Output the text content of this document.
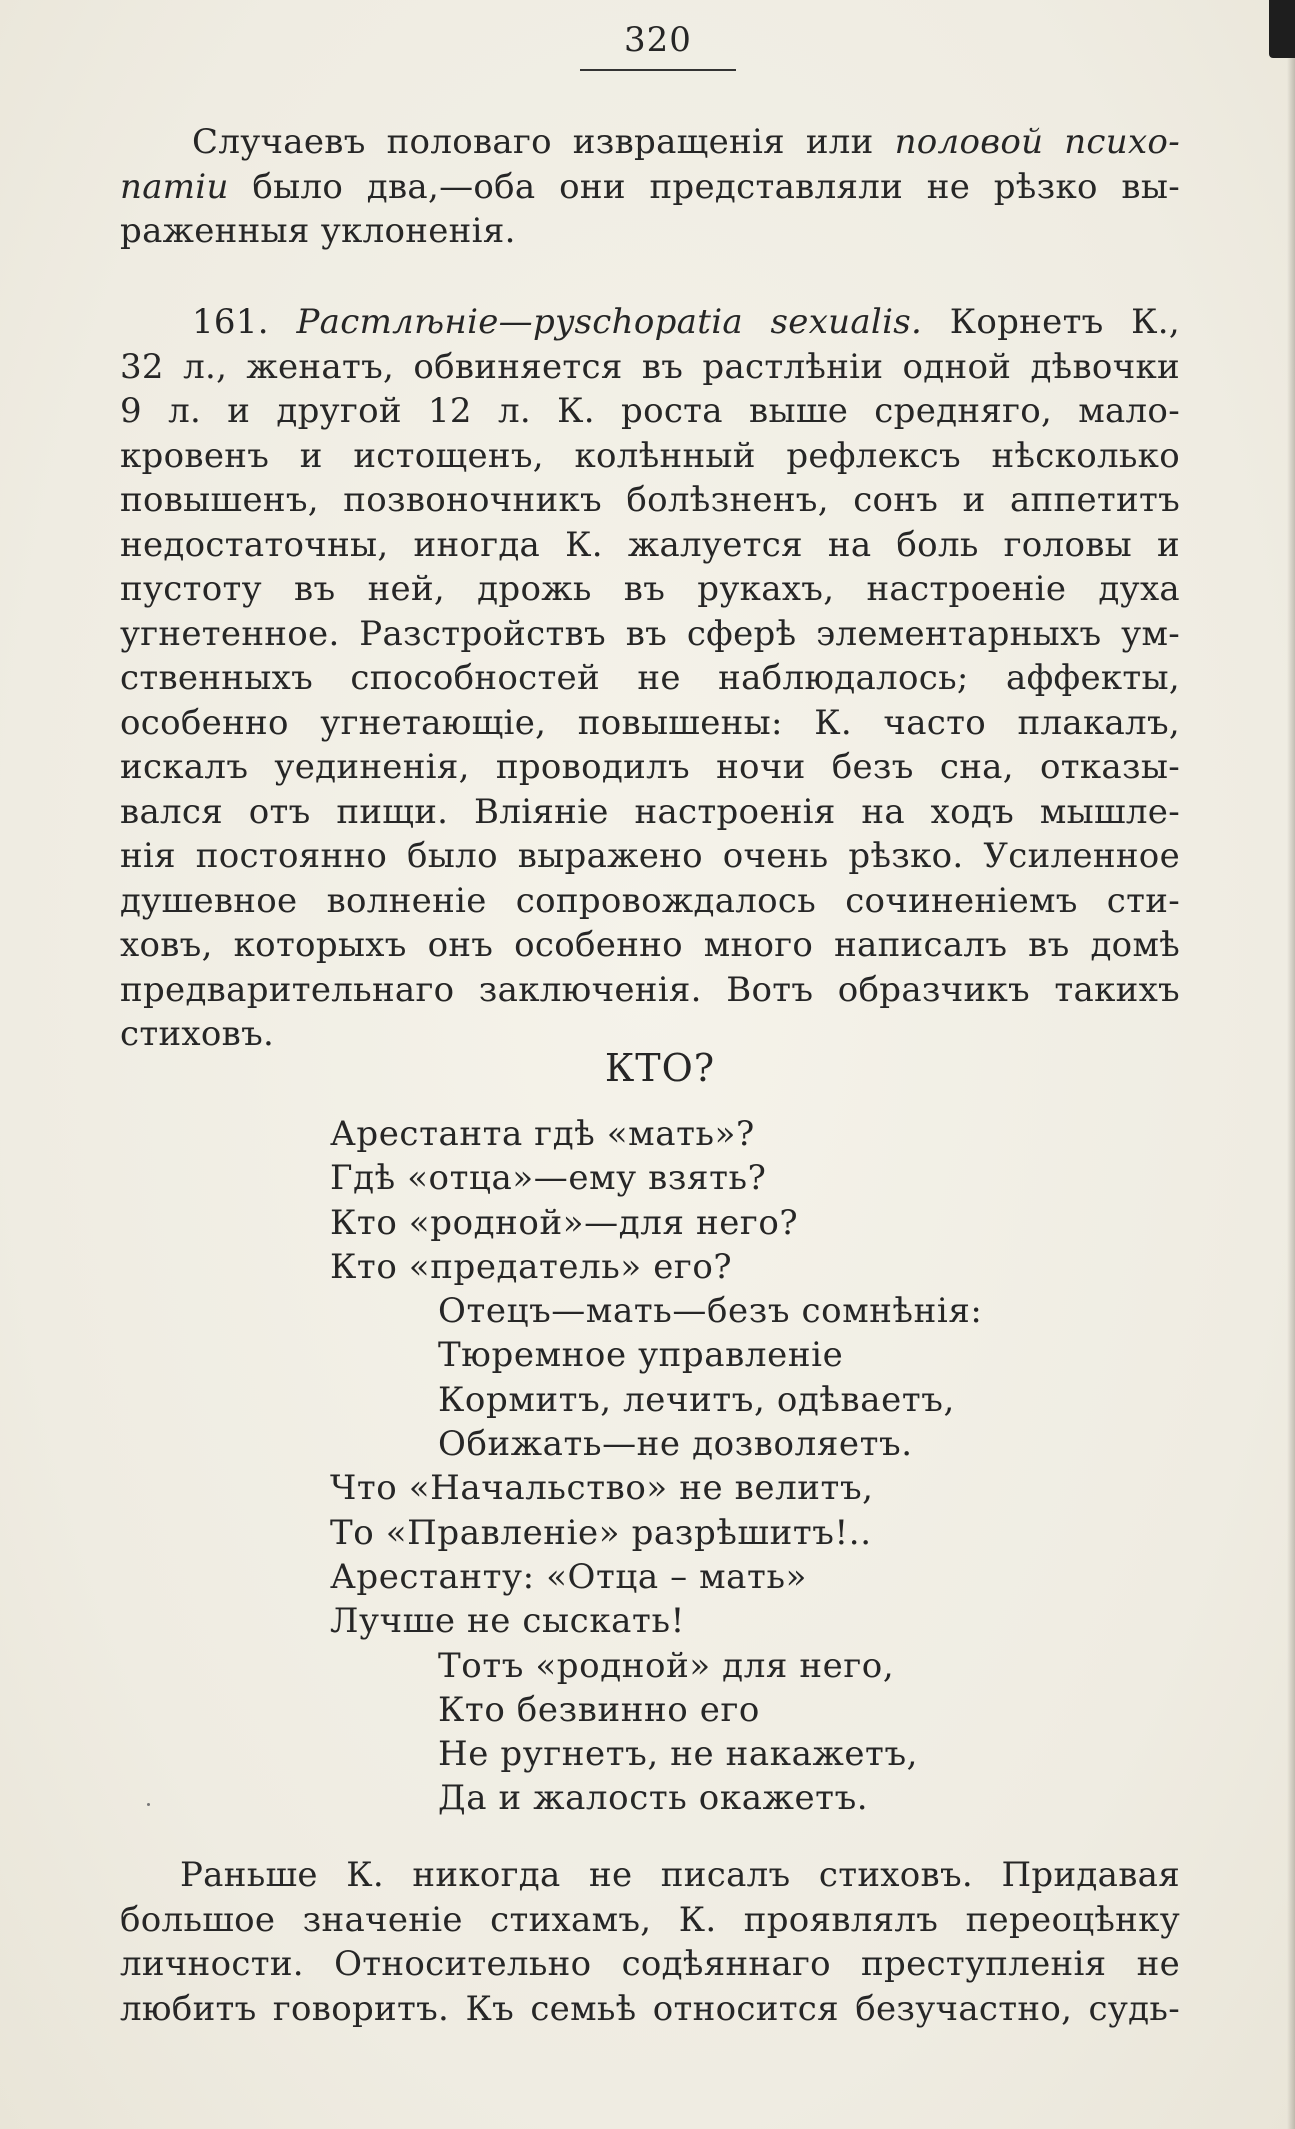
320
Случаевъ половаго извращенія или половой психо-
патіи было два,—оба они представляли не рѣзко вы-
раженныя уклоненія.
161. Растлѣніе—pyschopatia sexualis. Корнетъ К.,
32 л., женатъ, обвиняется въ растлѣніи одной дѣвочки
9 л. и другой 12 л. К. роста выше средняго, мало-
кровенъ и истощенъ, колѣнный рефлексъ нѣсколько
повышенъ, позвоночникъ болѣзненъ, сонъ и аппетитъ
недостаточны, иногда К. жалуется на боль головы и
пустоту въ ней, дрожь въ рукахъ, настроеніе духа
угнетенное. Разстройствъ въ сферѣ элементарныхъ ум-
ственныхъ способностей не наблюдалось; аффекты,
особенно угнетающіе, повышены: К. часто плакалъ,
искалъ уединенія, проводилъ ночи безъ сна, отказы-
вался отъ пищи. Вліяніе настроенія на ходъ мышле-
нія постоянно было выражено очень рѣзко. Усиленное
душевное волненіе сопровождалось сочиненіемъ сти-
ховъ, которыхъ онъ особенно много написалъ въ домѣ
предварительнаго заключенія. Вотъ образчикъ такихъ
стиховъ.
КТО?
Арестанта гдѣ «мать»?
Гдѣ «отца»—ему взять?
Кто «родной»—для него?
Кто «предатель» его?
Отецъ—мать—безъ сомнѣнія:
Тюремное управленіе
Кормитъ, лечитъ, одѣваетъ,
Обижать—не дозволяетъ.
Что «Начальство» не велитъ,
То «Правленіе» разрѣшитъ!..
Арестанту: «Отца – мать»
Лучше не сыскать!
Тотъ «родной» для него,
Кто безвинно его
Не ругнетъ, не накажетъ,
Да и жалость окажетъ.
Раньше К. никогда не писалъ стиховъ. Придавая
большое значеніе стихамъ, К. проявлялъ переоцѣнку
личности. Относительно содѣяннаго преступленія не
любитъ говоритъ. Къ семьѣ относится безучастно, судь-
